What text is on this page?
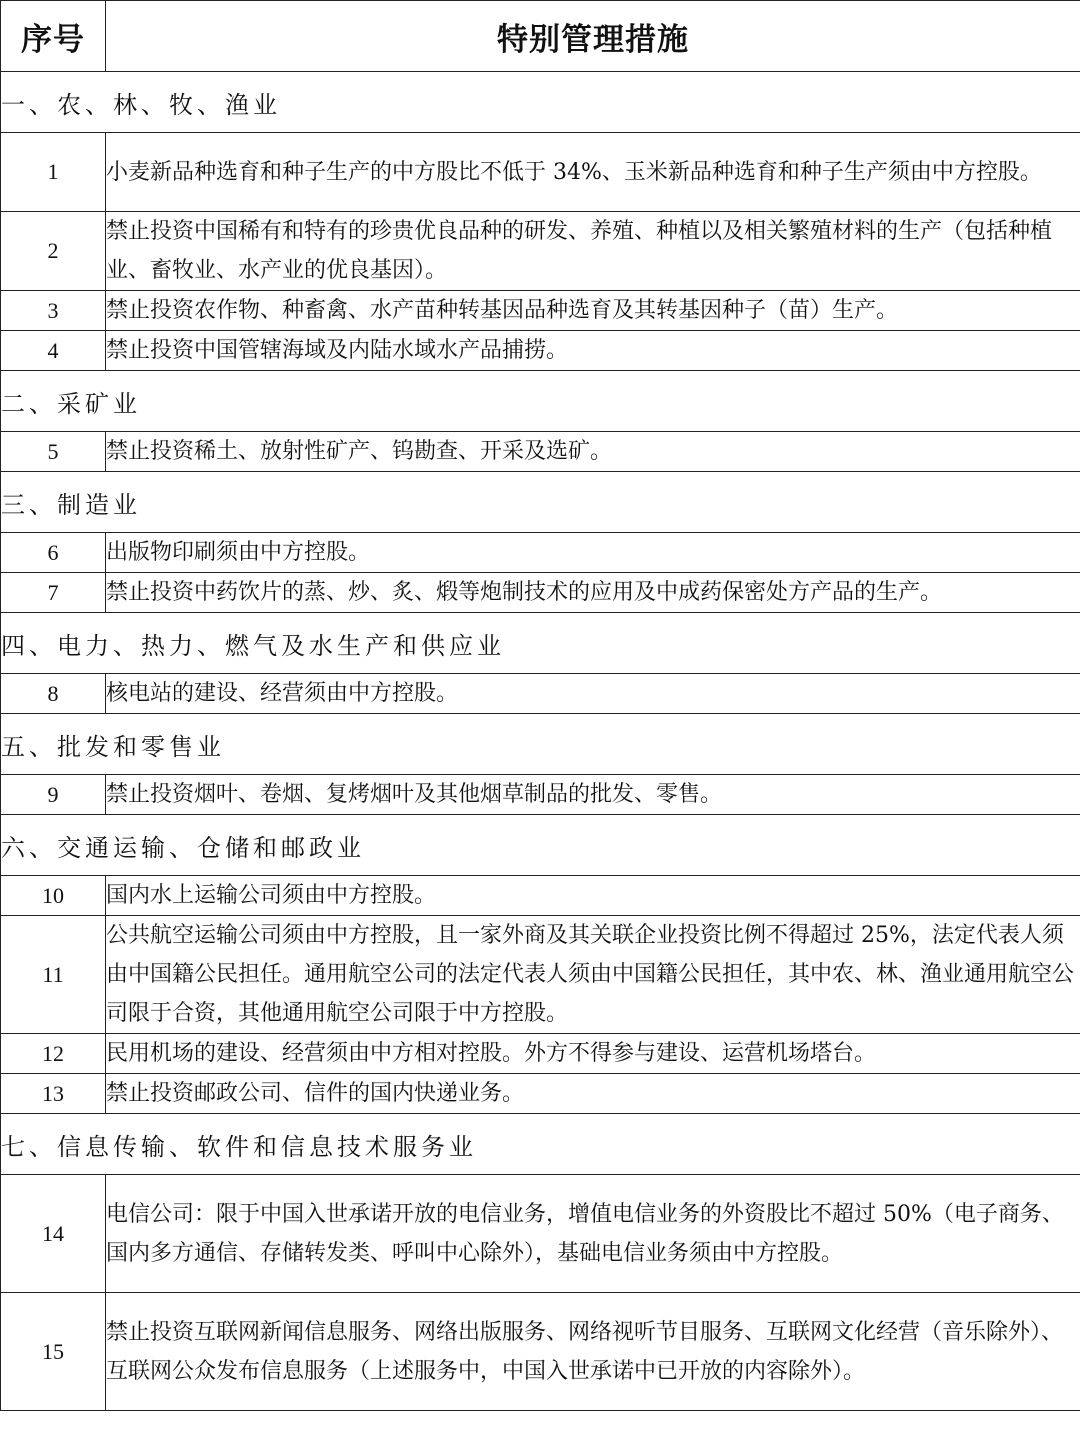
序号	特别管理措施
一、农、林、牧、渔业	
1	小麦新品种选育和种子生产的中方股比不低于 34%、玉米新品种选育和种子生产须由中方控股。
2	禁止投资中国稀有和特有的珍贵优良品种的研发、养殖、种植以及相关繁殖材料的生产（包括种植业、畜牧业、水产业的优良基因）。
3	禁止投资农作物、种畜禽、水产苗种转基因品种选育及其转基因种子（苗）生产。
4	禁止投资中国管辖海域及内陆水域水产品捕捞。
二、采矿业	
5	禁止投资稀土、放射性矿产、钨勘查、开采及选矿。
三、制造业	
6	出版物印刷须由中方控股。
7	禁止投资中药饮片的蒸、炒、炙、煅等炮制技术的应用及中成药保密处方产品的生产。
四、电力、热力、燃气及水生产和供应业	
8	核电站的建设、经营须由中方控股。
五、批发和零售业	
9	禁止投资烟叶、卷烟、复烤烟叶及其他烟草制品的批发、零售。
六、交通运输、仓储和邮政业	
10	国内水上运输公司须由中方控股。
11	公共航空运输公司须由中方控股，且一家外商及其关联企业投资比例不得超过 25%，法定代表人须由中国籍公民担任。通用航空公司的法定代表人须由中国籍公民担任，其中农、林、渔业通用航空公司限于合资，其他通用航空公司限于中方控股。
12	民用机场的建设、经营须由中方相对控股。外方不得参与建设、运营机场塔台。
13	禁止投资邮政公司、信件的国内快递业务。
七、信息传输、软件和信息技术服务业	
14	电信公司：限于中国入世承诺开放的电信业务，增值电信业务的外资股比不超过 50%（电子商务、国内多方通信、存储转发类、呼叫中心除外），基础电信业务须由中方控股。
15	禁止投资互联网新闻信息服务、网络出版服务、网络视听节目服务、互联网文化经营（音乐除外）、互联网公众发布信息服务（上述服务中，中国入世承诺中已开放的内容除外）。
